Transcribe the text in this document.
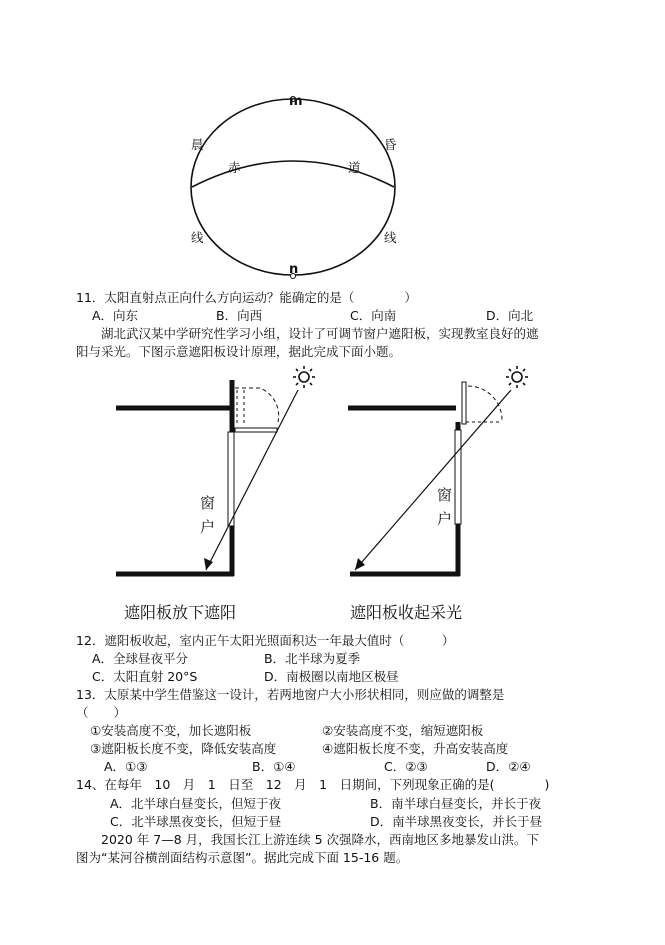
m
n
晨	昏
赤	道
线	线
11．太阳直射点正向什么方向运动？能确定的是（　　　　）
A．向东	B．向西	C．向南	D．向北
　　湖北武汉某中学研究性学习小组，设计了可调节窗户遮阳板，实现教室良好的遮
阳与采光。下图示意遮阳板设计原理，据此完成下面小题。
窗
户
窗
户
遮阳板放下遮阳	遮阳板收起采光
12．遮阳板收起，室内正午太阳光照面积达一年最大值时（　　　）
A．全球昼夜平分	B．北半球为夏季
C．太阳直射 20°S	D．南极圈以南地区极昼
13．太原某中学生借鉴这一设计，若两地窗户大小形状相同，则应做的调整是
（　　）
①安装高度不变，加长遮阳板	②安装高度不变，缩短遮阳板
③遮阳板长度不变，降低安装高度	④遮阳板长度不变，升高安装高度
A．①③	B．①④	C．②③	D．②④
14、在每年　10　月　1　日至　12　月　1　日期间，下列现象正确的是(　　　　)
A．北半球白昼变长，但短于夜	B．南半球白昼变长，并长于夜
C．北半球黑夜变长，但短于昼	D．南半球黑夜变长，并长于昼
　　2020 年 7—8 月，我国长江上游连续 5 次强降水，西南地区多地暴发山洪。下
图为“某河谷横剖面结构示意图”。据此完成下面 15-16 题。
